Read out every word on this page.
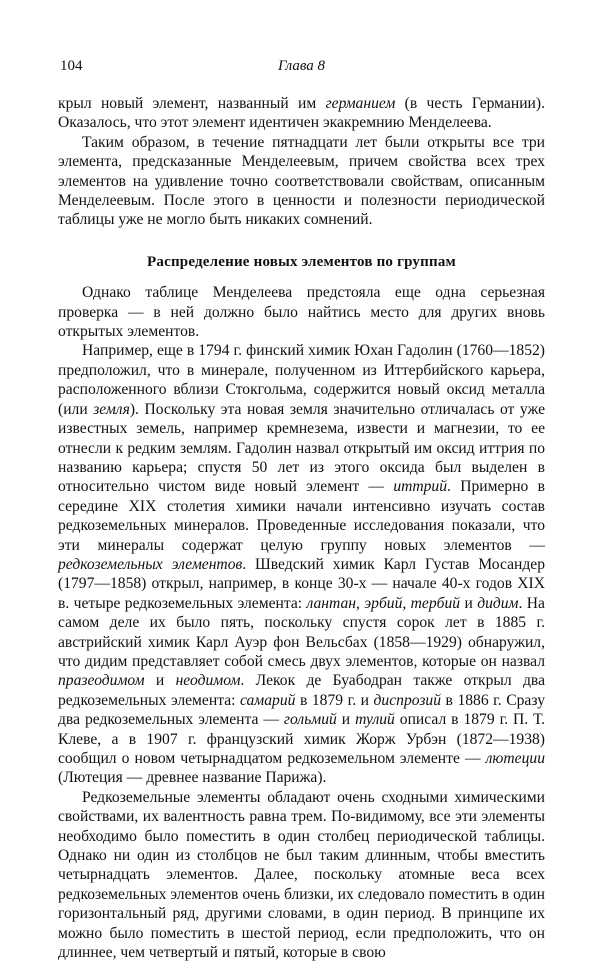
104	Глава 8

крыл новый элемент, названный им германием (в честь Германии). Оказалось, что этот элемент идентичен экакремнию Менделеева.

Таким образом, в течение пятнадцати лет были открыты все три элемента, предсказанные Менделеевым, причем свойства всех трех элементов на удивление точно соответствовали свойствам, описанным Менделеевым. После этого в ценности и полезности периодической таблицы уже не могло быть никаких сомнений.

Распределение новых элементов по группам

Однако таблице Менделеева предстояла еще одна серьезная проверка — в ней должно было найтись место для других вновь открытых элементов.

Например, еще в 1794 г. финский химик Юхан Гадолин (1760—1852) предположил, что в минерале, полученном из Иттербийского карьера, расположенного вблизи Стокгольма, содержится новый оксид металла (или земля). Поскольку эта новая земля значительно отличалась от уже известных земель, например кремнезема, извести и магнезии, то ее отнесли к редким землям. Гадолин назвал открытый им оксид иттрия по названию карьера; спустя 50 лет из этого оксида был выделен в относительно чистом виде новый элемент — иттрий. Примерно в середине XIX столетия химики начали интенсивно изучать состав редкоземельных минералов. Проведенные исследования показали, что эти минералы содержат целую группу новых элементов — редкоземельных элементов. Шведский химик Карл Густав Мосандер (1797—1858) открыл, например, в конце 30-х — начале 40-х годов XIX в. четыре редкоземельных элемента: лантан, эрбий, тербий и дидим. На самом деле их было пять, поскольку спустя сорок лет в 1885 г. австрийский химик Карл Ауэр фон Вельсбах (1858—1929) обнаружил, что дидим представляет собой смесь двух элементов, которые он назвал празеодимом и неодимом. Лекок де Буабодран также открыл два редкоземельных элемента: самарий в 1879 г. и диспрозий в 1886 г. Сразу два редкоземельных элемента — гольмий и тулий описал в 1879 г. П. Т. Клеве, а в 1907 г. французский химик Жорж Урбэн (1872—1938) сообщил о новом четырнадцатом редкоземельном элементе — лютеции (Лютеция — древнее название Парижа).

Редкоземельные элементы обладают очень сходными химическими свойствами, их валентность равна трем. По-видимому, все эти элементы необходимо было поместить в один столбец периодической таблицы. Однако ни один из столбцов не был таким длинным, чтобы вместить четырнадцать элементов. Далее, поскольку атомные веса всех редкоземельных элементов очень близки, их следовало поместить в один горизонтальный ряд, другими словами, в один период. В принципе их можно было поместить в шестой период, если предположить, что он длиннее, чем четвертый и пятый, которые в свою
